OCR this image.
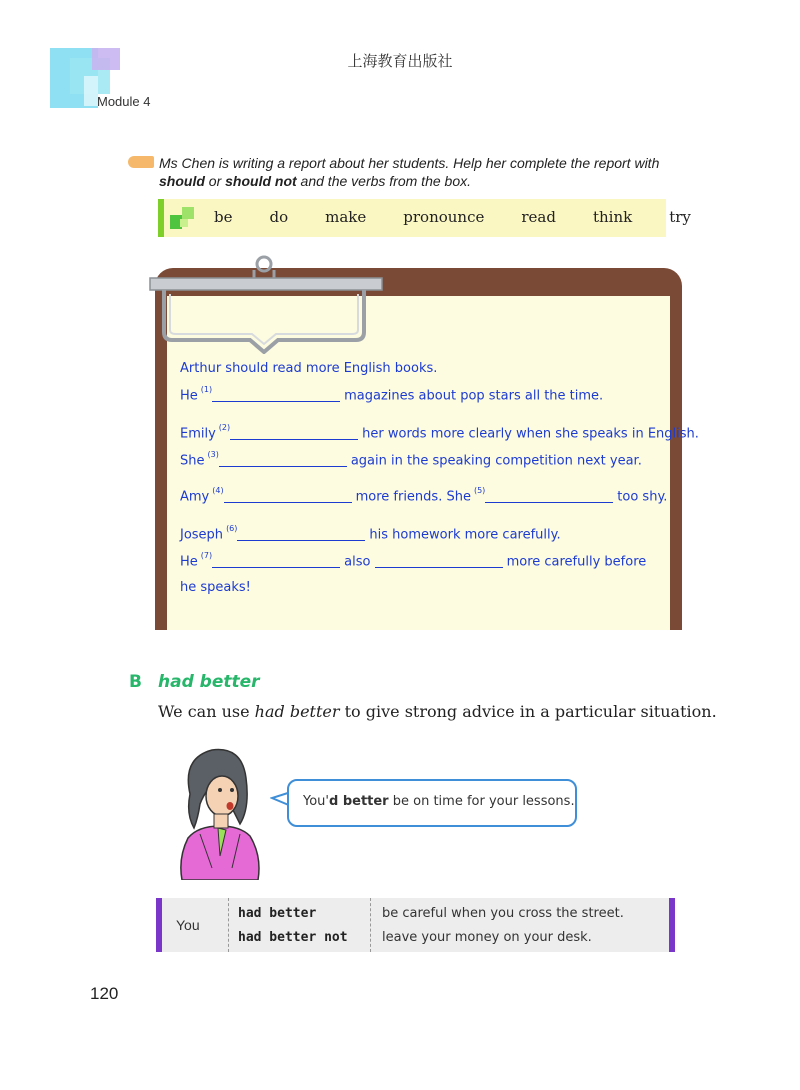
上海教育出版社
Module 4
Ms Chen is writing a report about her students. Help her complete the report with should or should not and the verbs from the box.
be do make pronounce read think try
Arthur should read more English books.
He $^{(1)}$	magazines about pop stars all the time.
Emily $^{(2)}$	her words more clearly when she speaks in English.
She $^{(3)}$	again in the speaking competition next year.
Amy $^{(4)}$	more friends. She $^{(5)}$	too shy.
Joseph $^{(6)}$	his homework more carefully.
He $^{(7)}$	also	more carefully before
he speaks!
B had better
We can use had better to give strong advice in a particular situation.
You'd better be on time for your lessons.
You
had better	be careful when you cross the street.
had better not	leave your money on your desk.
120
